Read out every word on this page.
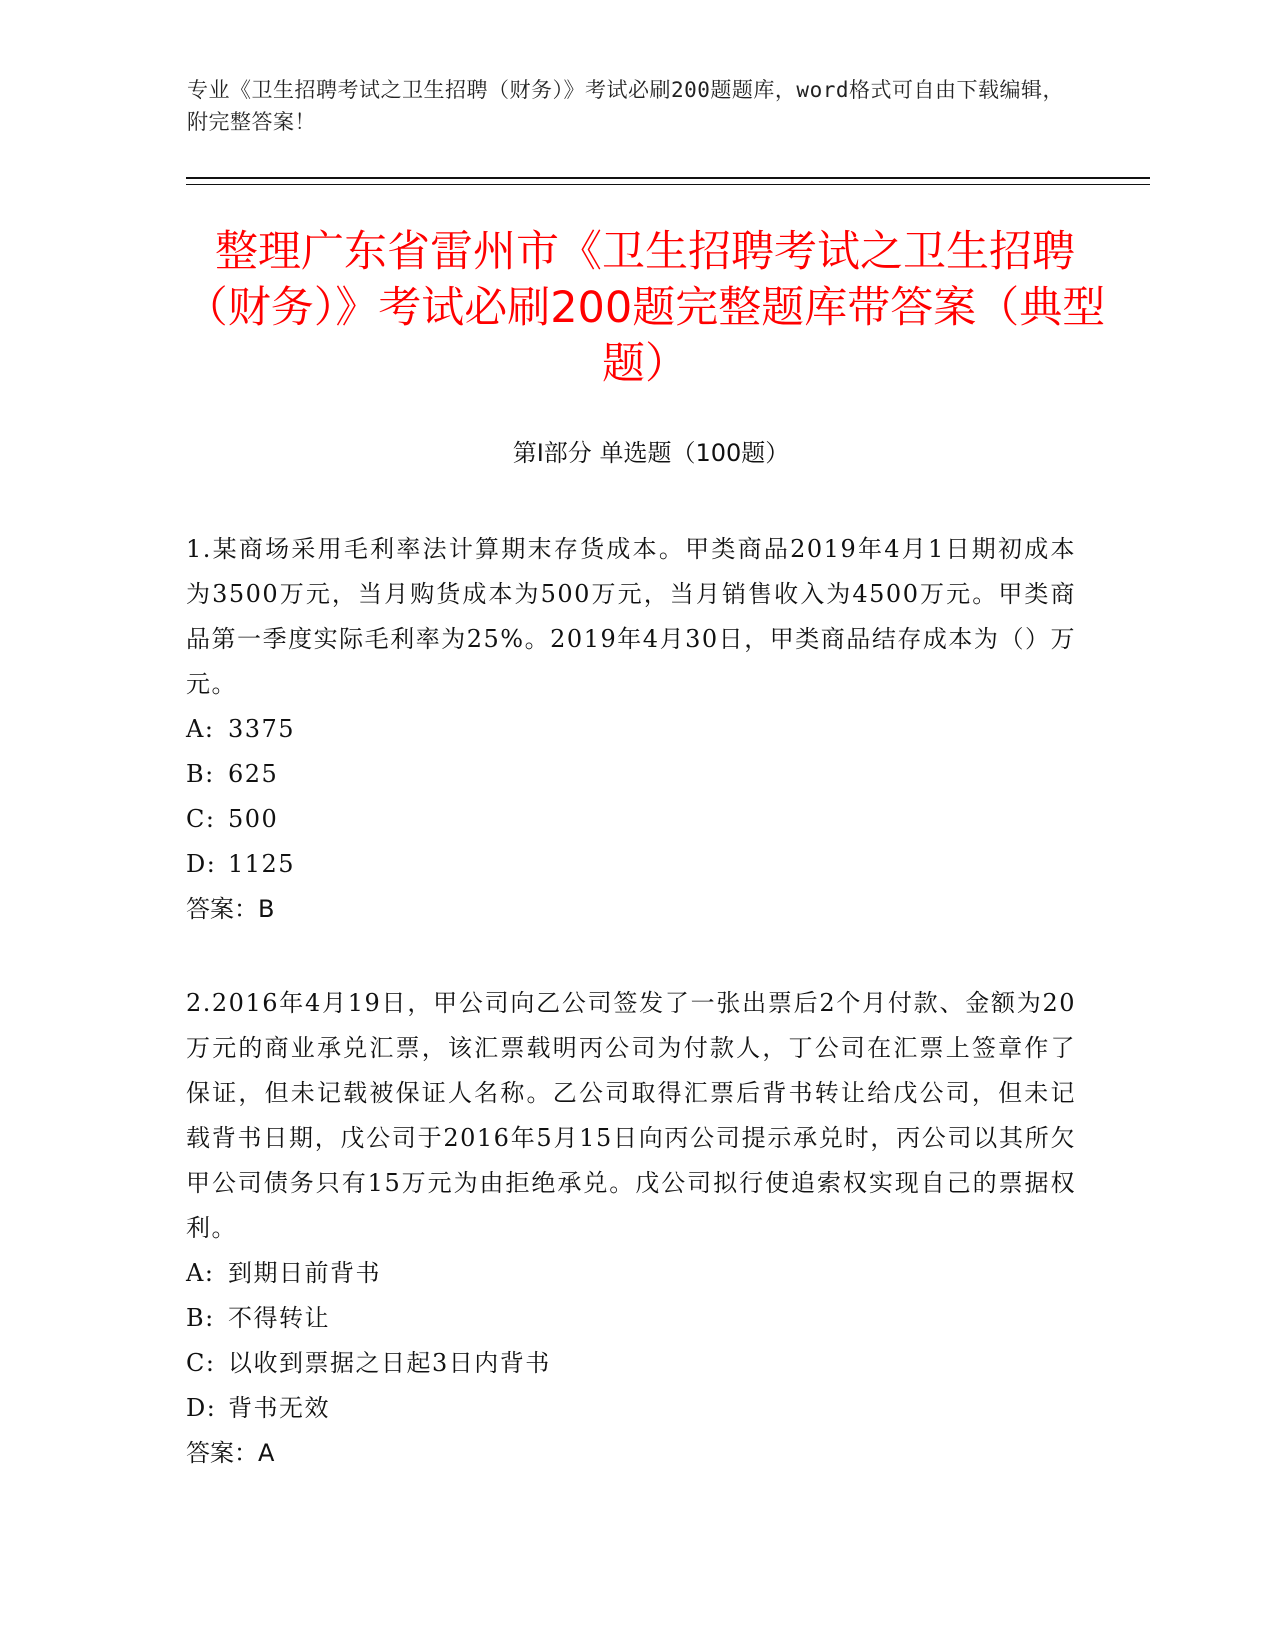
专业《卫生招聘考试之卫生招聘（财务）》考试必刷200题题库，word格式可自由下载编辑，附完整答案！
整理广东省雷州市《卫生招聘考试之卫生招聘（财务）》考试必刷200题完整题库带答案（典型题）
第I部分 单选题（100题）

1.某商场采用毛利率法计算期末存货成本。甲类商品2019年4月1日期初成本为3500万元，当月购货成本为500万元，当月销售收入为4500万元。甲类商品第一季度实际毛利率为25%。2019年4月30日，甲类商品结存成本为（）万元。

A: 3375
B: 625
C: 500
D: 1125
答案：B

2.2016年4月19日，甲公司向乙公司签发了一张出票后2个月付款、金额为20万元的商业承兑汇票，该汇票载明丙公司为付款人，丁公司在汇票上签章作了保证，但未记载被保证人名称。乙公司取得汇票后背书转让给戊公司，但未记载背书日期，戊公司于2016年5月15日向丙公司提示承兑时，丙公司以其所欠甲公司债务只有15万元为由拒绝承兑。戊公司拟行使追索权实现自己的票据权利。

A: 到期日前背书
B: 不得转让
C: 以收到票据之日起3日内背书
D: 背书无效
答案：A
